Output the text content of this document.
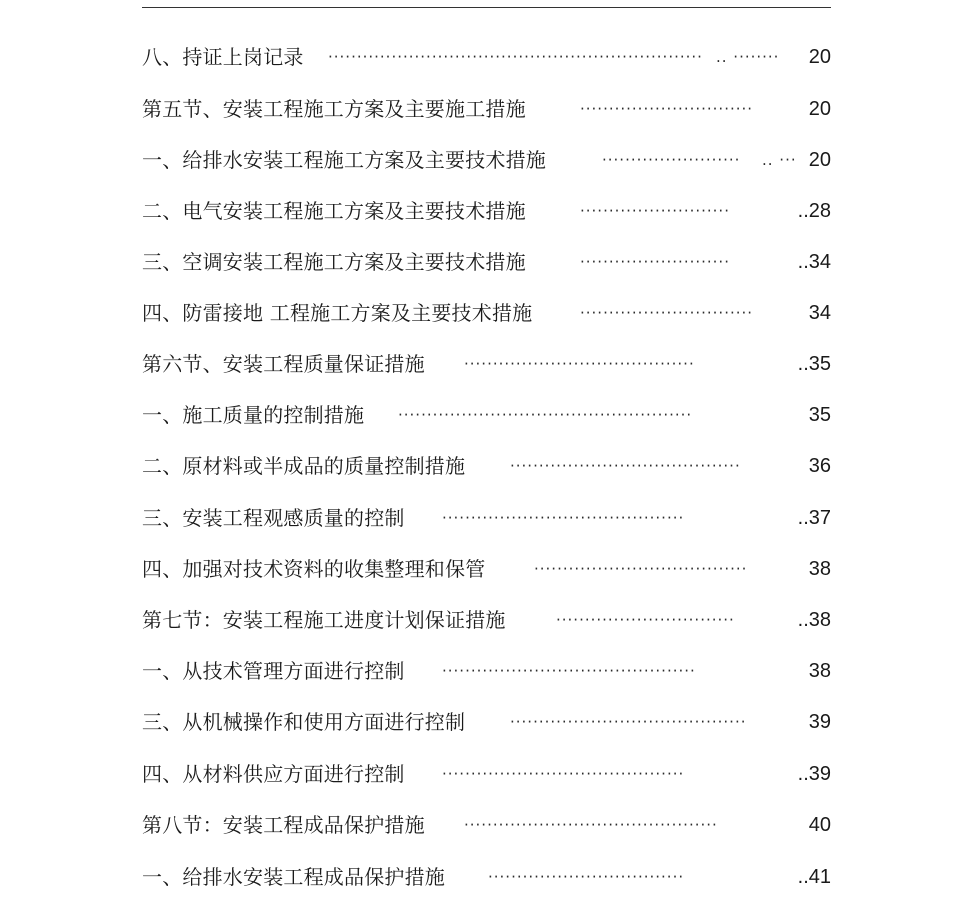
八、持证上岗记录 ································································· .. ········ 20
第五节、安装工程施工方案及主要施工措施	······························	20
一、给排水安装工程施工方案及主要技术措施	························ .. ··· 20
二、电气安装工程施工方案及主要技术措施	··························	..28
三、空调安装工程施工方案及主要技术措施	··························	..34
四、防雷接地 工程施工方案及主要技术措施	······························	34
第六节、安装工程质量保证措施	········································	..35
一、施工质量的控制措施 ···················································	35
二、原材料或半成品的质量控制措施	········································	36
三、安装工程观感质量的控制 ··········································	..37
四、加强对技术资料的收集整理和保管	·····································	38
第七节：安装工程施工进度计划保证措施	·······························	..38
一、从技术管理方面进行控制 ············································	38
三、从机械操作和使用方面进行控制	·········································	39
四、从材料供应方面进行控制 ··········································	..39
第八节：安装工程成品保护措施	············································	40
一、给排水安装工程成品保护措施	··································	..41
